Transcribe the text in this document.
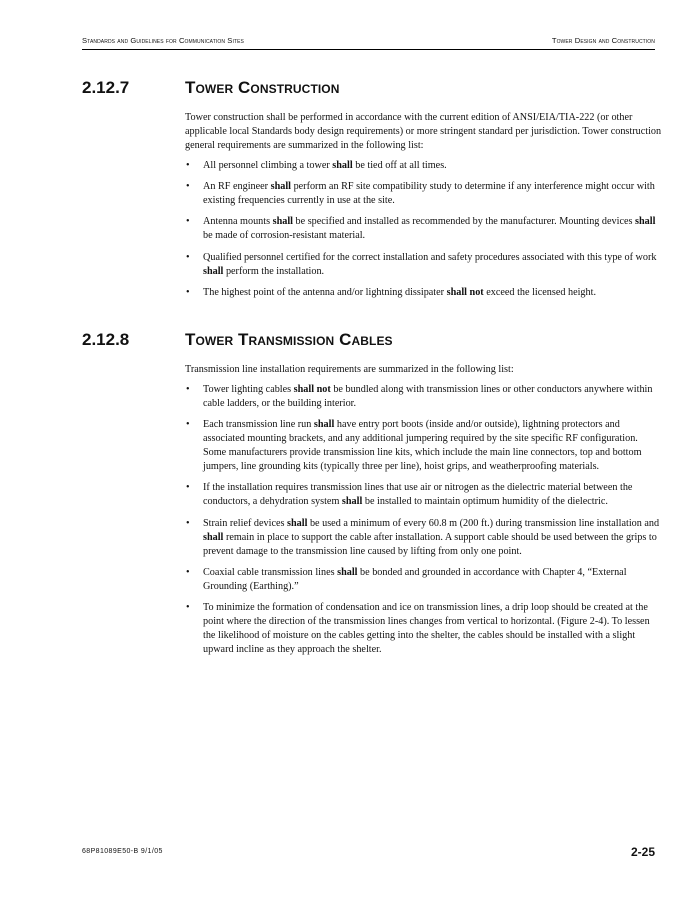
Standards and Guidelines for Communication Sites	Tower Design and Construction
2.12.7	Tower Construction

Tower construction shall be performed in accordance with the current edition of ANSI/EIA/TIA-222 (or other applicable local Standards body design requirements) or more stringent standard per jurisdiction. Tower construction general requirements are summarized in the following list:

• All personnel climbing a tower shall be tied off at all times.
• An RF engineer shall perform an RF site compatibility study to determine if any interference might occur with existing frequencies currently in use at the site.
• Antenna mounts shall be specified and installed as recommended by the manufacturer. Mounting devices shall be made of corrosion-resistant material.
• Qualified personnel certified for the correct installation and safety procedures associated with this type of work shall perform the installation.
• The highest point of the antenna and/or lightning dissipater shall not exceed the licensed height.
2.12.8	Tower Transmission Cables

Transmission line installation requirements are summarized in the following list:

• Tower lighting cables shall not be bundled along with transmission lines or other conductors anywhere within cable ladders, or the building interior.
• Each transmission line run shall have entry port boots (inside and/or outside), lightning protectors and associated mounting brackets, and any additional jumpering required by the site specific RF configuration. Some manufacturers provide transmission line kits, which include the main line connectors, top and bottom jumpers, line grounding kits (typically three per line), hoist grips, and weatherproofing materials.
• If the installation requires transmission lines that use air or nitrogen as the dielectric material between the conductors, a dehydration system shall be installed to maintain optimum humidity of the dielectric.
• Strain relief devices shall be used a minimum of every 60.8 m (200 ft.) during transmission line installation and shall remain in place to support the cable after installation. A support cable should be used between the grips to prevent damage to the transmission line caused by lifting from only one point.
• Coaxial cable transmission lines shall be bonded and grounded in accordance with Chapter 4, “External Grounding (Earthing).”
• To minimize the formation of condensation and ice on transmission lines, a drip loop should be created at the point where the direction of the transmission lines changes from vertical to horizontal. (Figure 2-4). To lessen the likelihood of moisture on the cables getting into the shelter, the cables should be installed with a slight upward incline as they approach the shelter.
68P81089E50-B 9/1/05	2-25
